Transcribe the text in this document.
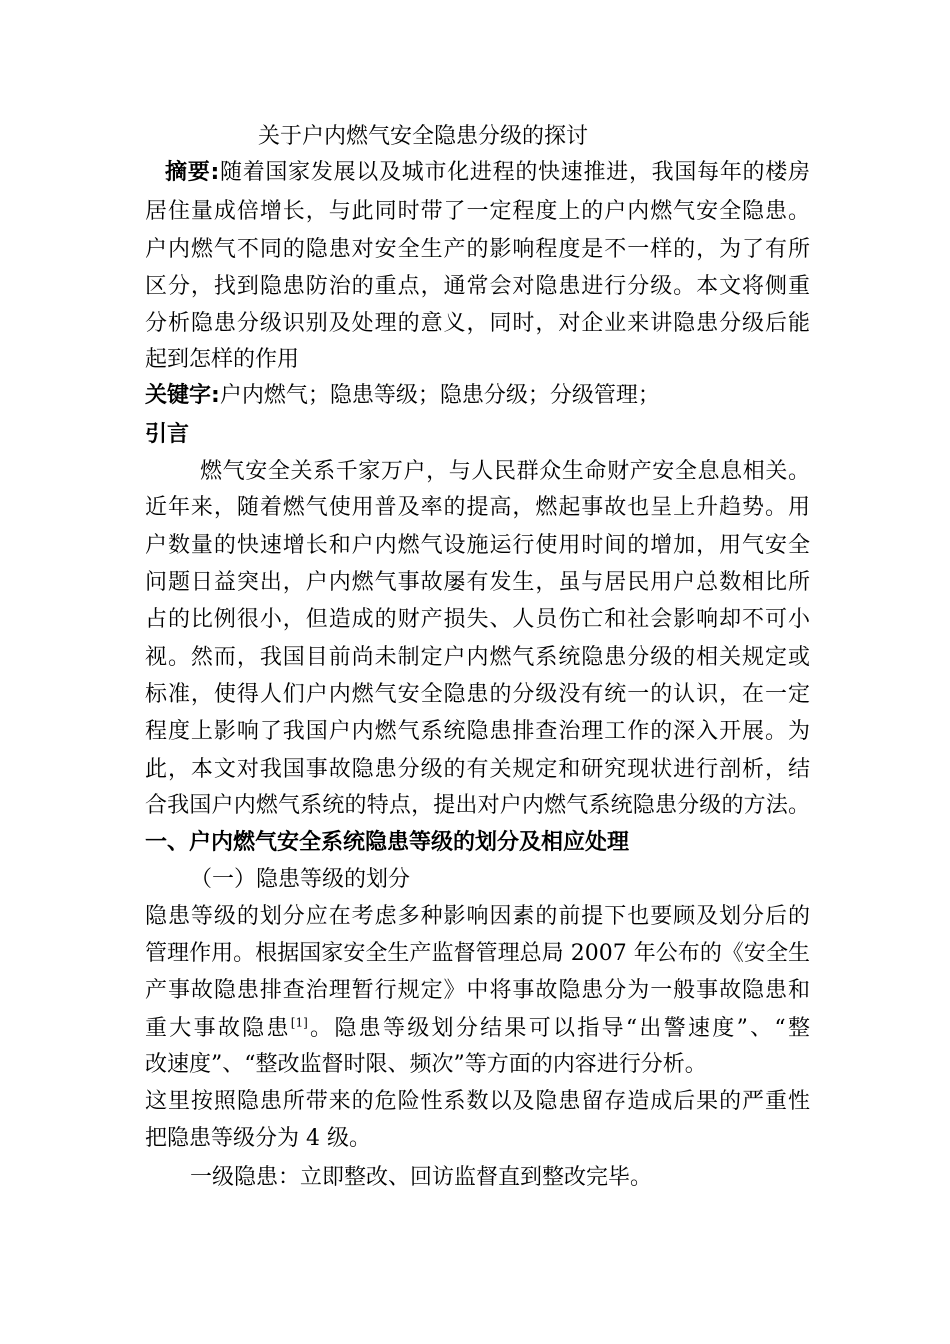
关于户内燃气安全隐患分级的探讨
摘要:随着国家发展以及城市化进程的快速推进，我国每年的楼房
居住量成倍增长，与此同时带了一定程度上的户内燃气安全隐患。
户内燃气不同的隐患对安全生产的影响程度是不一样的，为了有所
区分，找到隐患防治的重点，通常会对隐患进行分级。本文将侧重
分析隐患分级识别及处理的意义，同时，对企业来讲隐患分级后能
起到怎样的作用
关键字:户内燃气；隐患等级；隐患分级；分级管理；
引言
燃气安全关系千家万户，与人民群众生命财产安全息息相关。
近年来，随着燃气使用普及率的提高，燃起事故也呈上升趋势。用
户数量的快速增长和户内燃气设施运行使用时间的增加，用气安全
问题日益突出，户内燃气事故屡有发生，虽与居民用户总数相比所
占的比例很小，但造成的财产损失、人员伤亡和社会影响却不可小
视。然而，我国目前尚未制定户内燃气系统隐患分级的相关规定或
标准，使得人们户内燃气安全隐患的分级没有统一的认识，在一定
程度上影响了我国户内燃气系统隐患排查治理工作的深入开展。为
此，本文对我国事故隐患分级的有关规定和研究现状进行剖析，结
合我国户内燃气系统的特点，提出对户内燃气系统隐患分级的方法。
一、户内燃气安全系统隐患等级的划分及相应处理
（一）隐患等级的划分
隐患等级的划分应在考虑多种影响因素的前提下也要顾及划分后的
管理作用。根据国家安全生产监督管理总局 2007 年公布的《安全生
产事故隐患排查治理暂行规定》中将事故隐患分为一般事故隐患和
重大事故隐患[1]。隐患等级划分结果可以指导“出警速度”、“整
改速度”、“整改监督时限、频次”等方面的内容进行分析。
这里按照隐患所带来的危险性系数以及隐患留存造成后果的严重性
把隐患等级分为 4 级。
一级隐患：立即整改、回访监督直到整改完毕。
